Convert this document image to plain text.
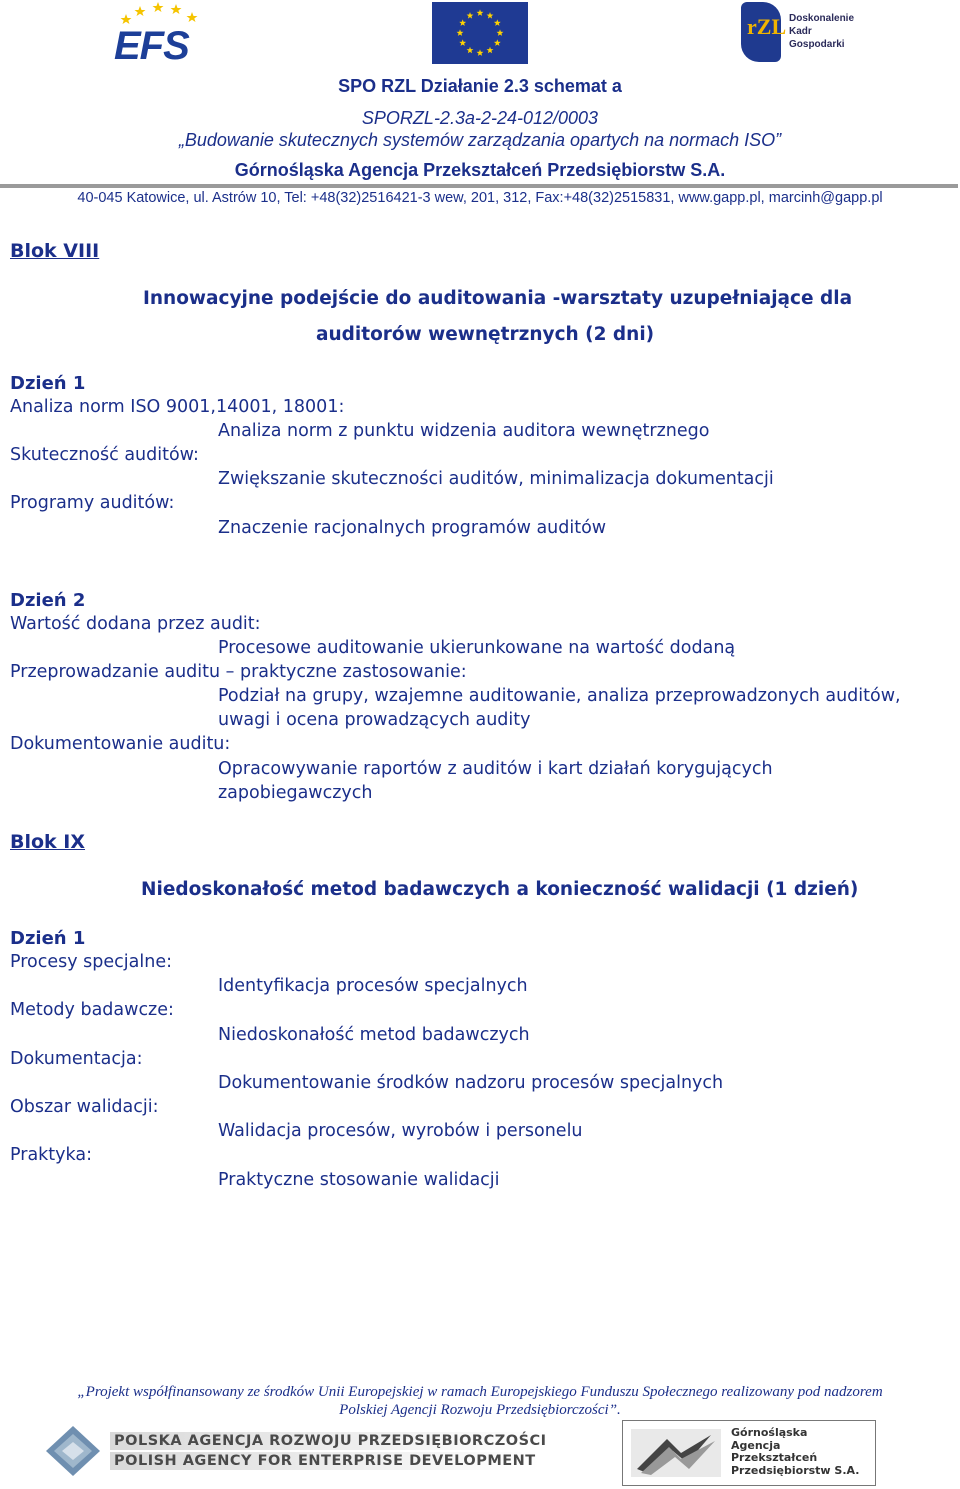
EFS	rZL Doskonalenie
Kadr
Gospodarki
SPO RZL Działanie 2.3 schemat a
SPORZL-2.3a-2-24-012/0003
„Budowanie skutecznych systemów zarządzania opartych na normach ISO”
Górnośląska Agencja Przekształceń Przedsiębiorstw S.A.
40-045 Katowice, ul. Astrów 10, Tel: +48(32)2516421-3 wew, 201, 312, Fax:+48(32)2515831, www.gapp.pl, marcinh@gapp.pl
Blok VIII
Innowacyjne podejście do auditowania -warsztaty uzupełniające dla
auditorów wewnętrznych (2 dni)
Dzień 1
Analiza norm ISO 9001,14001, 18001:
Analiza norm z punktu widzenia auditora wewnętrznego
Skuteczność auditów:
Zwiększanie skuteczności auditów, minimalizacja dokumentacji
Programy auditów:
Znaczenie racjonalnych programów auditów
Dzień 2
Wartość dodana przez audit:
Procesowe auditowanie ukierunkowane na wartość dodaną
Przeprowadzanie auditu – praktyczne zastosowanie:
Podział na grupy, wzajemne auditowanie, analiza przeprowadzonych auditów,
uwagi i ocena prowadzących audity
Dokumentowanie auditu:
Opracowywanie raportów z auditów i kart działań korygujących
zapobiegawczych
Blok IX
Niedoskonałość metod badawczych a konieczność walidacji (1 dzień)
Dzień 1
Procesy specjalne:
Identyfikacja procesów specjalnych
Metody badawcze:
Niedoskonałość metod badawczych
Dokumentacja:
Dokumentowanie środków nadzoru procesów specjalnych
Obszar walidacji:
Walidacja procesów, wyrobów i personelu
Praktyka:
Praktyczne stosowanie walidacji
„Projekt współfinansowany ze środków Unii Europejskiej w ramach Europejskiego Funduszu Społecznego realizowany pod nadzorem
Polskiej Agencji Rozwoju Przedsiębiorczości”.
POLSKA AGENCJA ROZWOJU PRZEDSIĘBIORCZOŚCI
POLISH AGENCY FOR ENTERPRISE DEVELOPMENT
Górnośląska
Agencja
Przekształceń
Przedsiębiorstw S.A.
